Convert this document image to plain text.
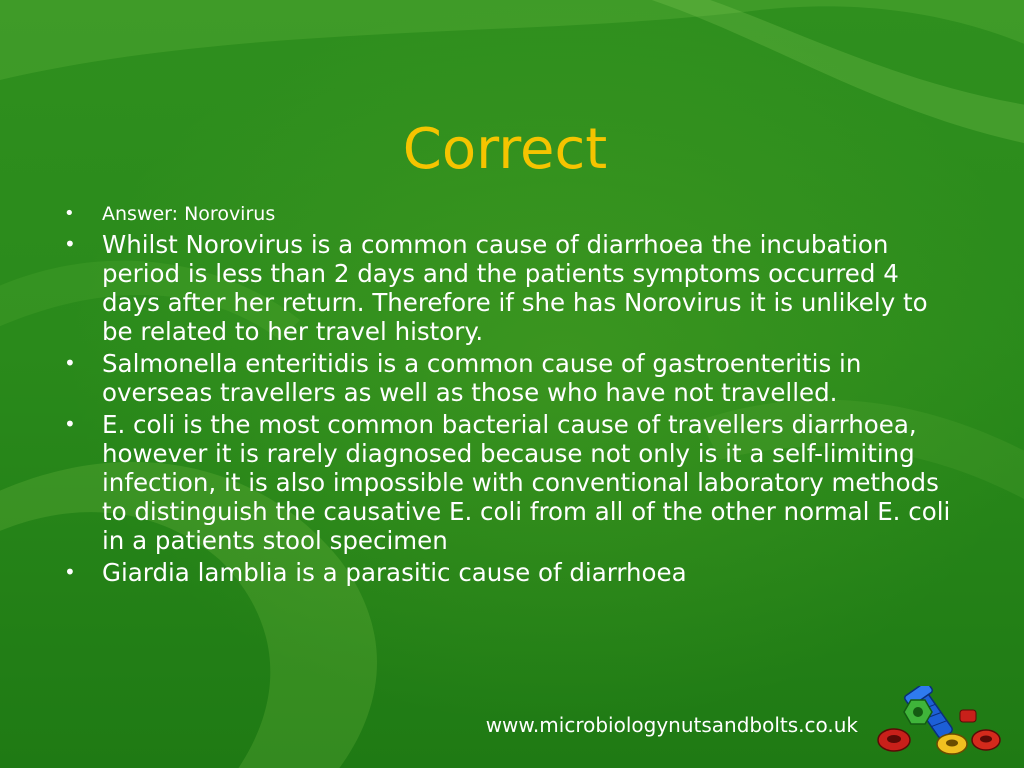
Correct
• Answer: Norovirus
• Whilst Norovirus is a common cause of diarrhoea the incubation period is less than 2 days and the patients symptoms occurred 4 days after her return. Therefore if she has Norovirus it is unlikely to be related to her travel history.
• Salmonella enteritidis is a common cause of gastroenteritis in overseas travellers as well as those who have not travelled.
• E. coli is the most common bacterial cause of travellers diarrhoea, however it is rarely diagnosed because not only is it a self-limiting infection, it is also impossible with conventional laboratory methods to distinguish the causative E. coli from all of the other normal E. coli in a patients stool specimen
• Giardia lamblia is a parasitic cause of diarrhoea
www.microbiologynutsandbolts.co.uk
